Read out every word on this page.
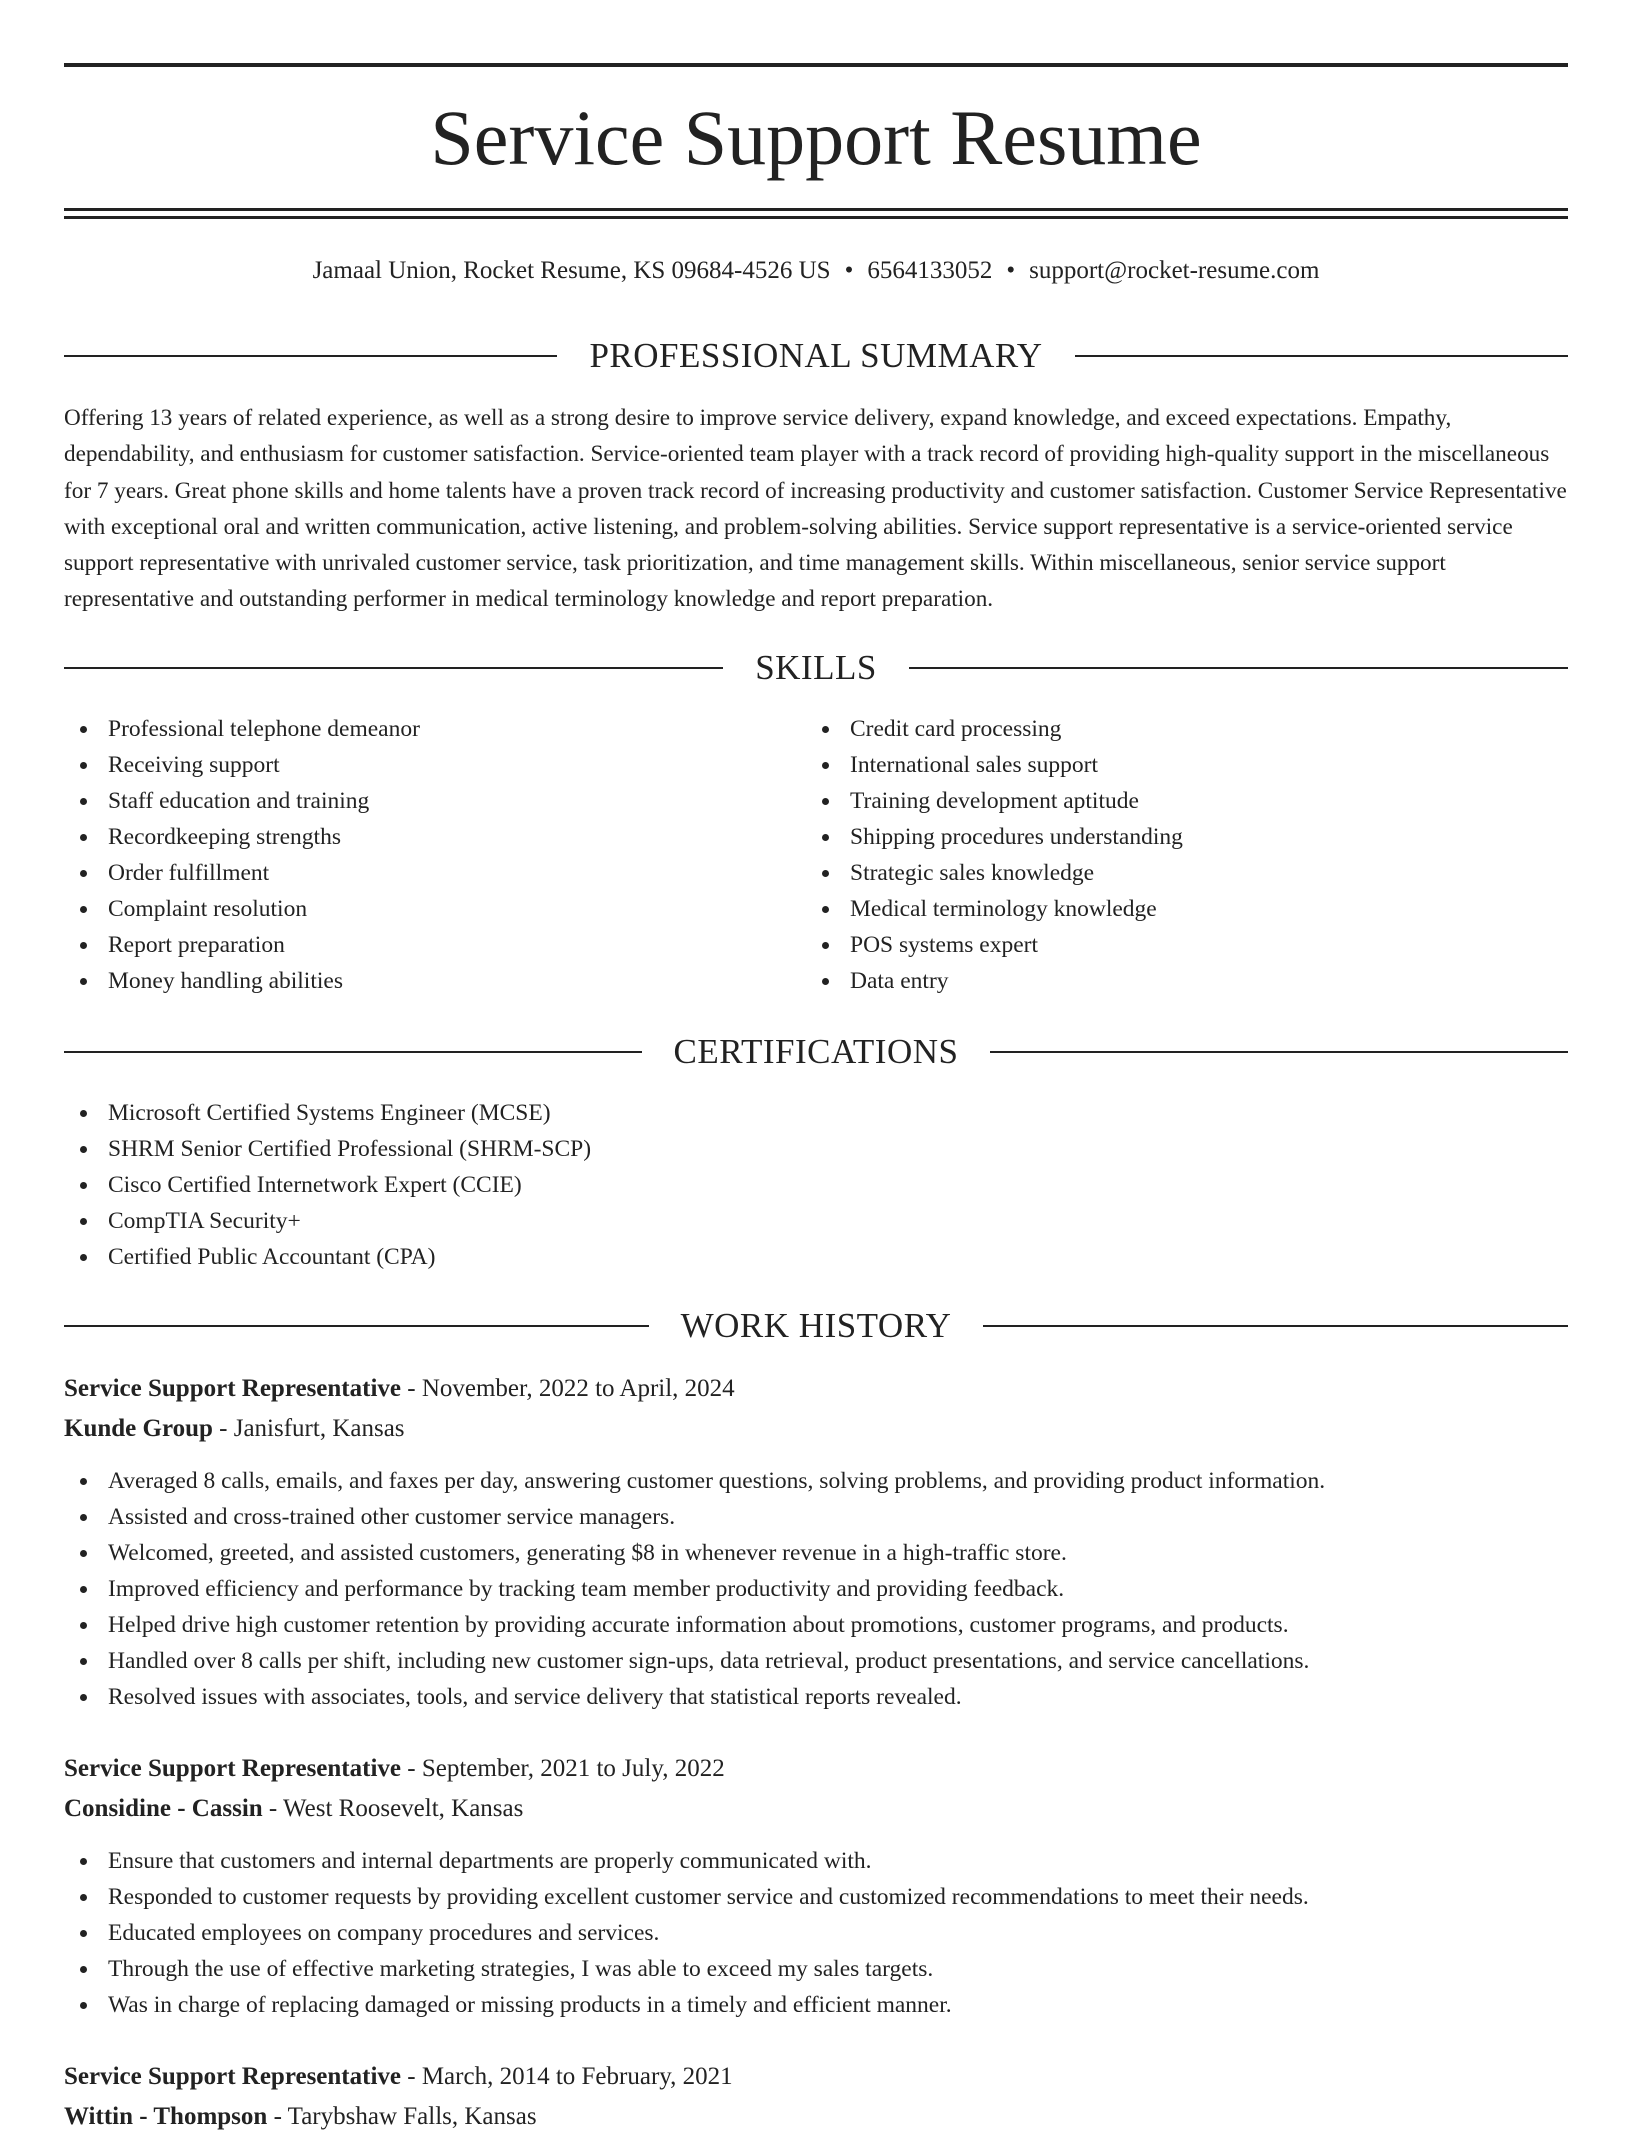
Service Support Resume
Jamaal Union, Rocket Resume, KS 09684-4526 US • 6564133052 • support@rocket-resume.com
PROFESSIONAL SUMMARY
Offering 13 years of related experience, as well as a strong desire to improve service delivery, expand knowledge, and exceed expectations. Empathy, dependability, and enthusiasm for customer satisfaction. Service-oriented team player with a track record of providing high-quality support in the miscellaneous for 7 years. Great phone skills and home talents have a proven track record of increasing productivity and customer satisfaction. Customer Service Representative with exceptional oral and written communication, active listening, and problem-solving abilities. Service support representative is a service-oriented service support representative with unrivaled customer service, task prioritization, and time management skills. Within miscellaneous, senior service support representative and outstanding performer in medical terminology knowledge and report preparation.
SKILLS
Professional telephone demeanor
Receiving support
Staff education and training
Recordkeeping strengths
Order fulfillment
Complaint resolution
Report preparation
Money handling abilities
Credit card processing
International sales support
Training development aptitude
Shipping procedures understanding
Strategic sales knowledge
Medical terminology knowledge
POS systems expert
Data entry
CERTIFICATIONS
Microsoft Certified Systems Engineer (MCSE)
SHRM Senior Certified Professional (SHRM-SCP)
Cisco Certified Internetwork Expert (CCIE)
CompTIA Security+
Certified Public Accountant (CPA)
WORK HISTORY
Service Support Representative - November, 2022 to April, 2024
Kunde Group - Janisfurt, Kansas
Averaged 8 calls, emails, and faxes per day, answering customer questions, solving problems, and providing product information.
Assisted and cross-trained other customer service managers.
Welcomed, greeted, and assisted customers, generating $8 in whenever revenue in a high-traffic store.
Improved efficiency and performance by tracking team member productivity and providing feedback.
Helped drive high customer retention by providing accurate information about promotions, customer programs, and products.
Handled over 8 calls per shift, including new customer sign-ups, data retrieval, product presentations, and service cancellations.
Resolved issues with associates, tools, and service delivery that statistical reports revealed.
Service Support Representative - September, 2021 to July, 2022
Considine - Cassin - West Roosevelt, Kansas
Ensure that customers and internal departments are properly communicated with.
Responded to customer requests by providing excellent customer service and customized recommendations to meet their needs.
Educated employees on company procedures and services.
Through the use of effective marketing strategies, I was able to exceed my sales targets.
Was in charge of replacing damaged or missing products in a timely and efficient manner.
Service Support Representative - March, 2014 to February, 2021
Wittin - Thompson - Tarybshaw Falls, Kansas
